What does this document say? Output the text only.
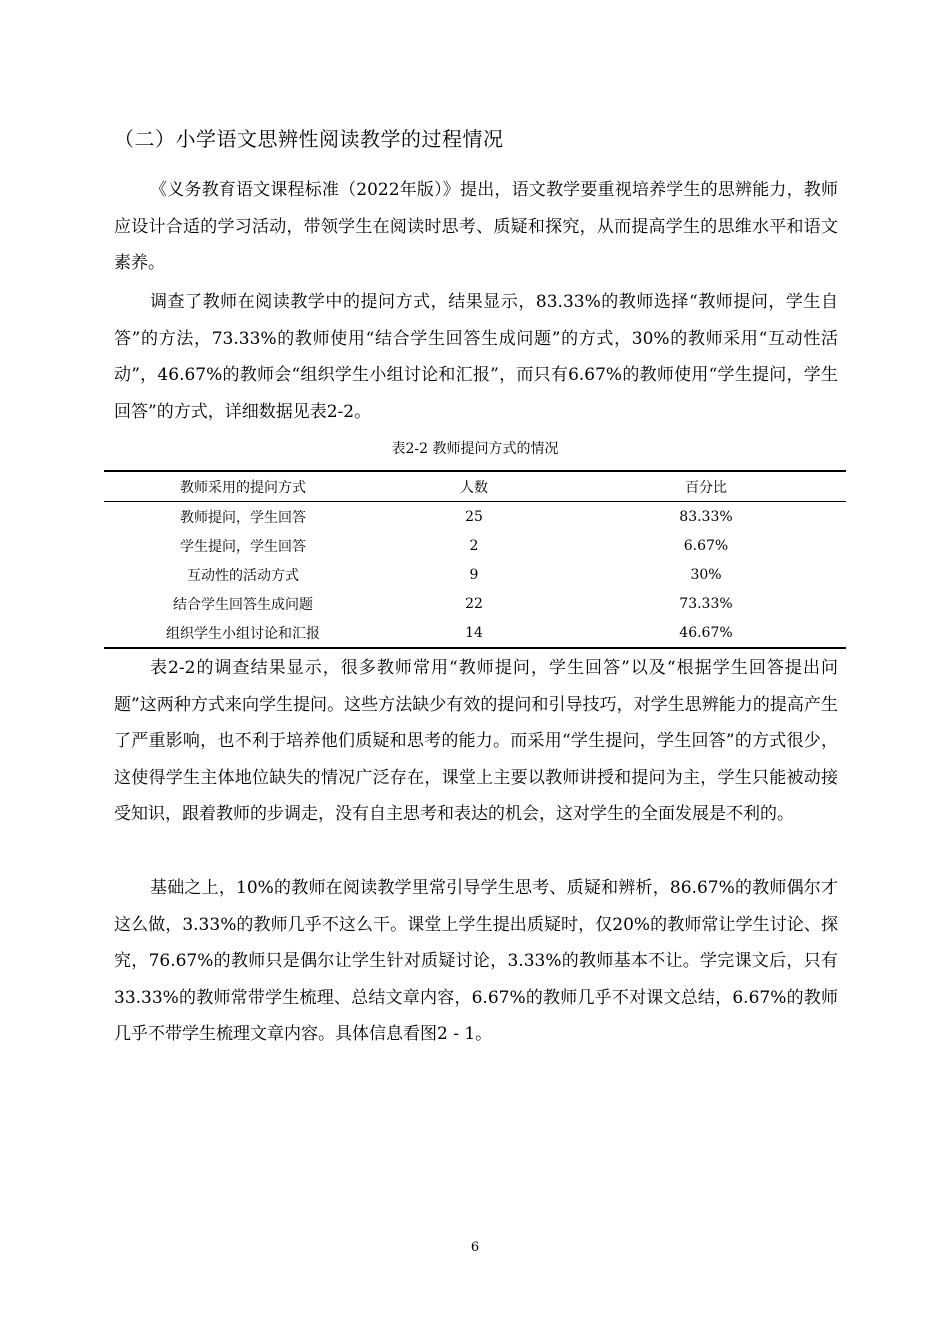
（二）小学语文思辨性阅读教学的过程情况

《义务教育语文课程标准（2022年版）》提出，语文教学要重视培养学生的思辨能力，教师应设计合适的学习活动，带领学生在阅读时思考、质疑和探究，从而提高学生的思维水平和语文素养。

调查了教师在阅读教学中的提问方式，结果显示，83.33%的教师选择“教师提问，学生自答”的方法，73.33%的教师使用“结合学生回答生成问题”的方式，30%的教师采用“互动性活动”，46.67%的教师会“组织学生小组讨论和汇报”，而只有6.67%的教师使用“学生提问，学生回答”的方式，详细数据见表2-2。

表2-2 教师提问方式的情况
教师采用的提问方式	人数	百分比
教师提问，学生回答	25	83.33%
学生提问，学生回答	2	6.67%
互动性的活动方式	9	30%
结合学生回答生成问题	22	73.33%
组织学生小组讨论和汇报	14	46.67%

表2-2的调查结果显示，很多教师常用“教师提问，学生回答”以及“根据学生回答提出问题”这两种方式来向学生提问。这些方法缺少有效的提问和引导技巧，对学生思辨能力的提高产生了严重影响，也不利于培养他们质疑和思考的能力。而采用“学生提问，学生回答”的方式很少，这使得学生主体地位缺失的情况广泛存在，课堂上主要以教师讲授和提问为主，学生只能被动接受知识，跟着教师的步调走，没有自主思考和表达的机会，这对学生的全面发展是不利的。

基础之上，10%的教师在阅读教学里常引导学生思考、质疑和辨析，86.67%的教师偶尔才这么做，3.33%的教师几乎不这么干。课堂上学生提出质疑时，仅20%的教师常让学生讨论、探究，76.67%的教师只是偶尔让学生针对质疑讨论，3.33%的教师基本不让。学完课文后，只有33.33%的教师常带学生梳理、总结文章内容，6.67%的教师几乎不对课文总结，6.67%的教师几乎不带学生梳理文章内容。具体信息看图2 - 1。

6
